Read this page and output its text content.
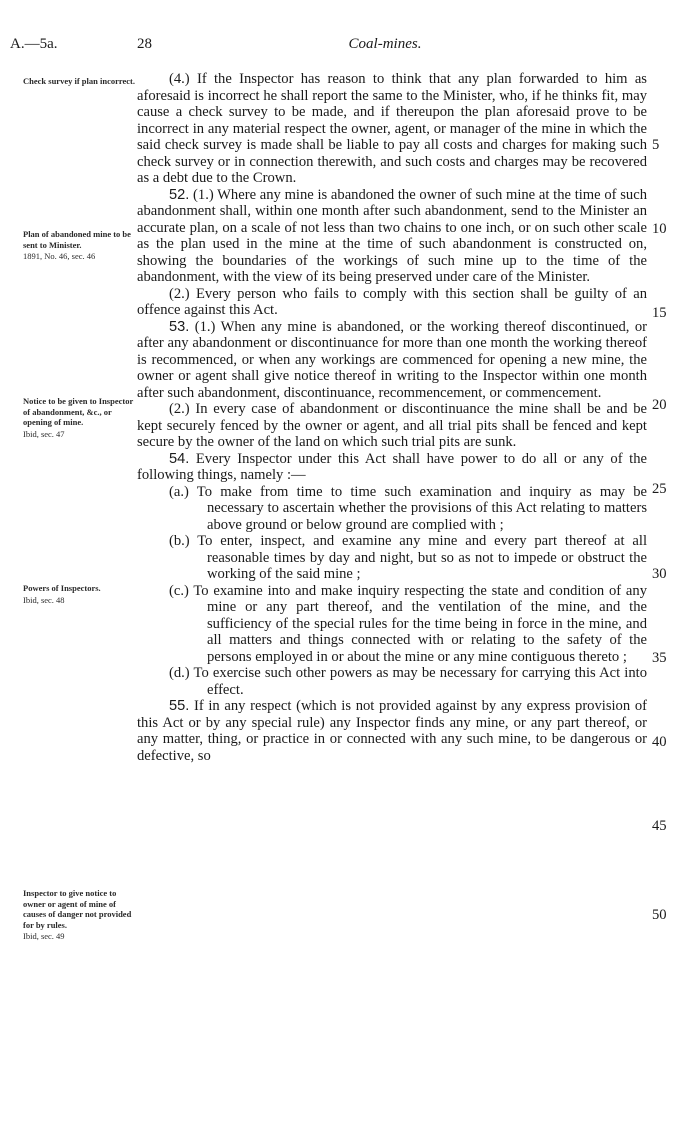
A.—5a.	28	Coal-mines.
Check survey if plan incorrect.
Plan of abandoned mine to be sent to Minister.
1891, No. 46, sec. 46
Notice to be given to Inspector of abandonment, &c., or opening of mine.
Ibid, sec. 47
Powers of Inspectors.
Ibid, sec. 48
Inspector to give notice to owner or agent of mine of causes of danger not provided for by rules.
Ibid, sec. 49

(4.) If the Inspector has reason to think that any plan forwarded to him as aforesaid is incorrect he shall report the same to the Minister, who, if he thinks fit, may cause a check survey to be made, and if thereupon the plan aforesaid prove to be incorrect in any material respect the owner, agent, or manager of the mine in which the said check survey is made shall be liable to pay all costs and charges for making such check survey or in connection therewith, and such costs and charges may be recovered as a debt due to the Crown.

52. (1.) Where any mine is abandoned the owner of such mine at the time of such abandonment shall, within one month after such abandonment, send to the Minister an accurate plan, on a scale of not less than two chains to one inch, or on such other scale as the plan used in the mine at the time of such abandonment is constructed on, showing the boundaries of the workings of such mine up to the time of the abandonment, with the view of its being preserved under care of the Minister.

(2.) Every person who fails to comply with this section shall be guilty of an offence against this Act.

53. (1.) When any mine is abandoned, or the working thereof discontinued, or after any abandonment or discontinuance for more than one month the working thereof is recommenced, or when any workings are commenced for opening a new mine, the owner or agent shall give notice thereof in writing to the Inspector within one month after such abandonment, discontinuance, recommencement, or commencement.

(2.) In every case of abandonment or discontinuance the mine shall be and be kept securely fenced by the owner or agent, and all trial pits shall be fenced and kept secure by the owner of the land on which such trial pits are sunk.

54. Every Inspector under this Act shall have power to do all or any of the following things, namely :—

(a.) To make from time to time such examination and inquiry as may be necessary to ascertain whether the provisions of this Act relating to matters above ground or below ground are complied with ;

(b.) To enter, inspect, and examine any mine and every part thereof at all reasonable times by day and night, but so as not to impede or obstruct the working of the said mine ;

(c.) To examine into and make inquiry respecting the state and condition of any mine or any part thereof, and the ventilation of the mine, and the sufficiency of the special rules for the time being in force in the mine, and all matters and things connected with or relating to the safety of the persons employed in or about the mine or any mine contiguous thereto ;

(d.) To exercise such other powers as may be necessary for carrying this Act into effect.

55. If in any respect (which is not provided against by any express provision of this Act or by any special rule) any Inspector finds any mine, or any part thereof, or any matter, thing, or practice in or connected with any such mine, to be dangerous or defective, so

5
10
15
20
25
30
35
40
45
50
